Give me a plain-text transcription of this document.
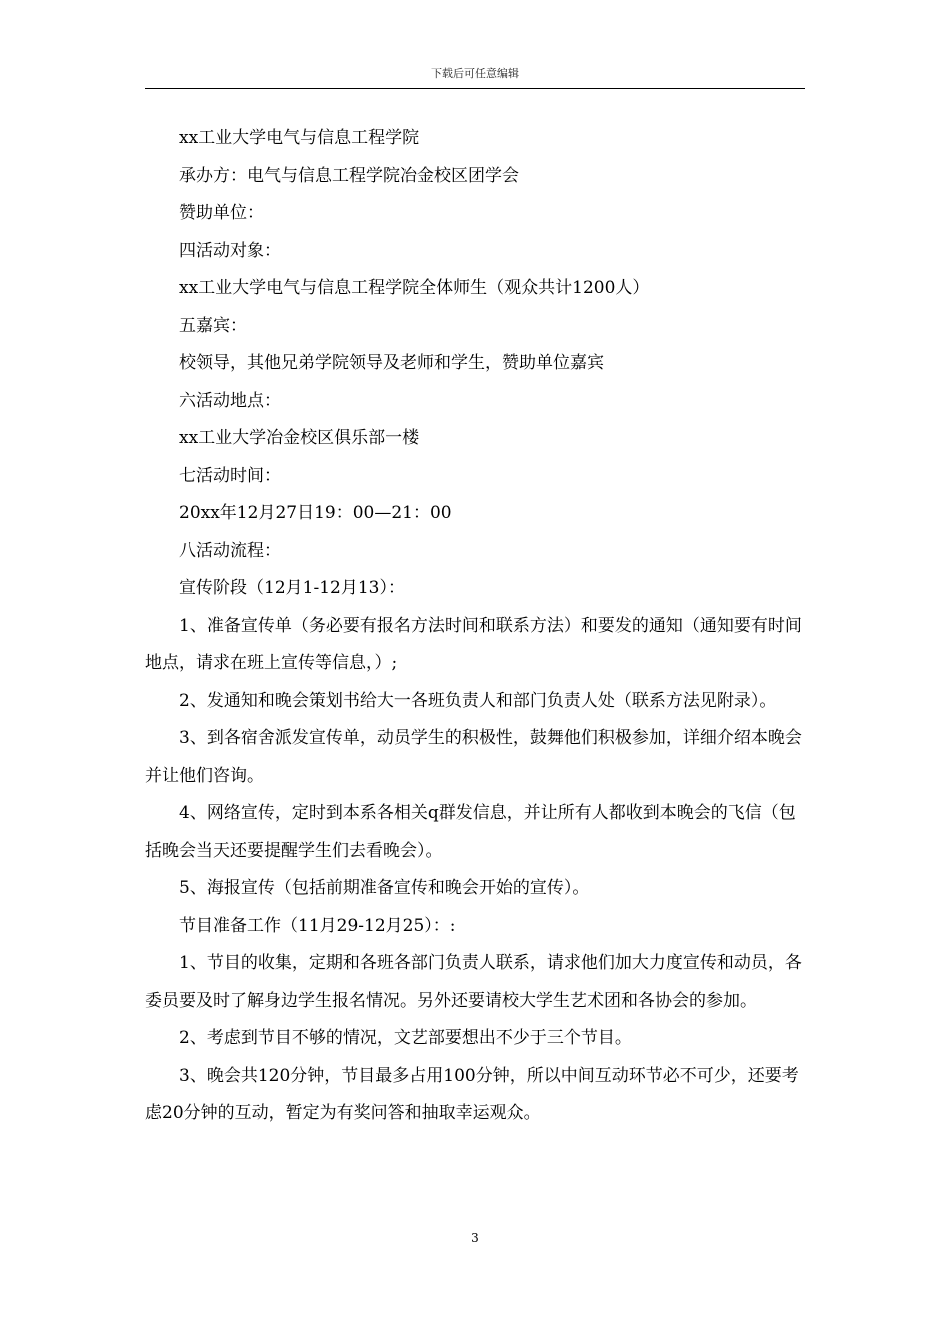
下载后可任意编辑

xx工业大学电气与信息工程学院

承办方：电气与信息工程学院冶金校区团学会

赞助单位：

四活动对象：

xx工业大学电气与信息工程学院全体师生（观众共计1200人）

五嘉宾：

校领导，其他兄弟学院领导及老师和学生，赞助单位嘉宾

六活动地点：

xx工业大学冶金校区俱乐部一楼

七活动时间：

20xx年12月27日19：00—21：00

八活动流程：

宣传阶段（12月1-12月13）：

1、准备宣传单（务必要有报名方法时间和联系方法）和要发的通知（通知要有时间地点，请求在班上宣传等信息，）;

2、发通知和晚会策划书给大一各班负责人和部门负责人处（联系方法见附录）。

3、到各宿舍派发宣传单，动员学生的积极性，鼓舞他们积极参加，详细介绍本晚会并让他们咨询。

4、网络宣传，定时到本系各相关q群发信息，并让所有人都收到本晚会的飞信（包括晚会当天还要提醒学生们去看晚会）。

5、海报宣传（包括前期准备宣传和晚会开始的宣传）。

节目准备工作（11月29-12月25）：:

1、节目的收集，定期和各班各部门负责人联系，请求他们加大力度宣传和动员，各委员要及时了解身边学生报名情况。另外还要请校大学生艺术团和各协会的参加。

2、考虑到节目不够的情况，文艺部要想出不少于三个节目。

3、晚会共120分钟，节目最多占用100分钟，所以中间互动环节必不可少，还要考虑20分钟的互动，暂定为有奖问答和抽取幸运观众。

3
